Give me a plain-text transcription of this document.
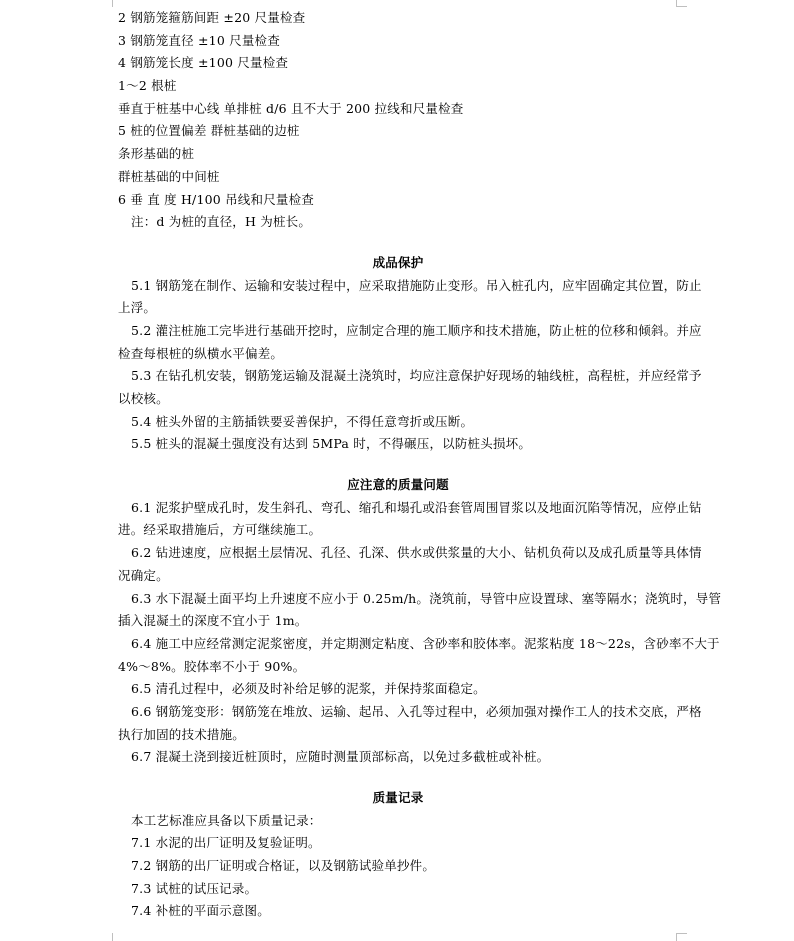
2 钢筋笼箍筋间距 ±20 尺量检查
3 钢筋笼直径 ±10 尺量检查
4 钢筋笼长度 ±100 尺量检查
1～2 根桩
垂直于桩基中心线 单排桩 d/6 且不大于 200 拉线和尺量检查
5 桩的位置偏差 群桩基础的边桩
条形基础的桩
群桩基础的中间桩
6 垂 直 度 H/100 吊线和尺量检查
注：d 为桩的直径，H 为桩长。
成品保护
5.1 钢筋笼在制作、运输和安装过程中，应采取措施防止变形。吊入桩孔内，应牢固确定其位置，防止
上浮。
5.2 灌注桩施工完毕进行基础开挖时，应制定合理的施工顺序和技术措施，防止桩的位移和倾斜。并应
检查每根桩的纵横水平偏差。
5.3 在钻孔机安装，钢筋笼运输及混凝土浇筑时，均应注意保护好现场的轴线桩，高程桩，并应经常予
以校核。
5.4 桩头外留的主筋插铁要妥善保护，不得任意弯折或压断。
5.5 桩头的混凝土强度没有达到 5MPa 时，不得碾压，以防桩头损坏。
应注意的质量问题
6.1 泥浆护壁成孔时，发生斜孔、弯孔、缩孔和塌孔或沿套管周围冒浆以及地面沉陷等情况，应停止钻
进。经采取措施后，方可继续施工。
6.2 钻进速度，应根据土层情况、孔径、孔深、供水或供浆量的大小、钻机负荷以及成孔质量等具体情
况确定。
6.3 水下混凝土面平均上升速度不应小于 0.25m/h。浇筑前，导管中应设置球、塞等隔水；浇筑时，导管
插入混凝土的深度不宜小于 1m。
6.4 施工中应经常测定泥浆密度，并定期测定粘度、含砂率和胶体率。泥浆粘度 18～22s，含砂率不大于
4%～8%。胶体率不小于 90%。
6.5 清孔过程中，必须及时补给足够的泥浆，并保持浆面稳定。
6.6 钢筋笼变形：钢筋笼在堆放、运输、起吊、入孔等过程中，必须加强对操作工人的技术交底，严格
执行加固的技术措施。
6.7 混凝土浇到接近桩顶时，应随时测量顶部标高，以免过多截桩或补桩。
质量记录
本工艺标准应具备以下质量记录：
7.1 水泥的出厂证明及复验证明。
7.2 钢筋的出厂证明或合格证，以及钢筋试验单抄件。
7.3 试桩的试压记录。
7.4 补桩的平面示意图。
